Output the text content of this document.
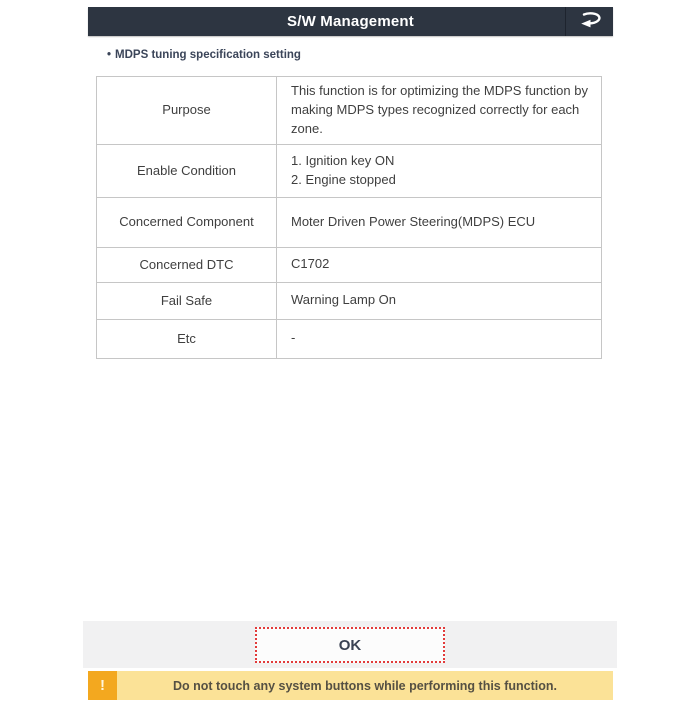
S/W Management
• MDPS tuning specification setting
Purpose	This function is for optimizing the MDPS function by making MDPS types recognized correctly for each zone.
Enable Condition	1. Ignition key ON
2. Engine stopped

Concerned Component	Moter Driven Power Steering(MDPS) ECU
Concerned DTC	C1702
Fail Safe	Warning Lamp On
Etc	-
OK
!	Do not touch any system buttons while performing this function.
